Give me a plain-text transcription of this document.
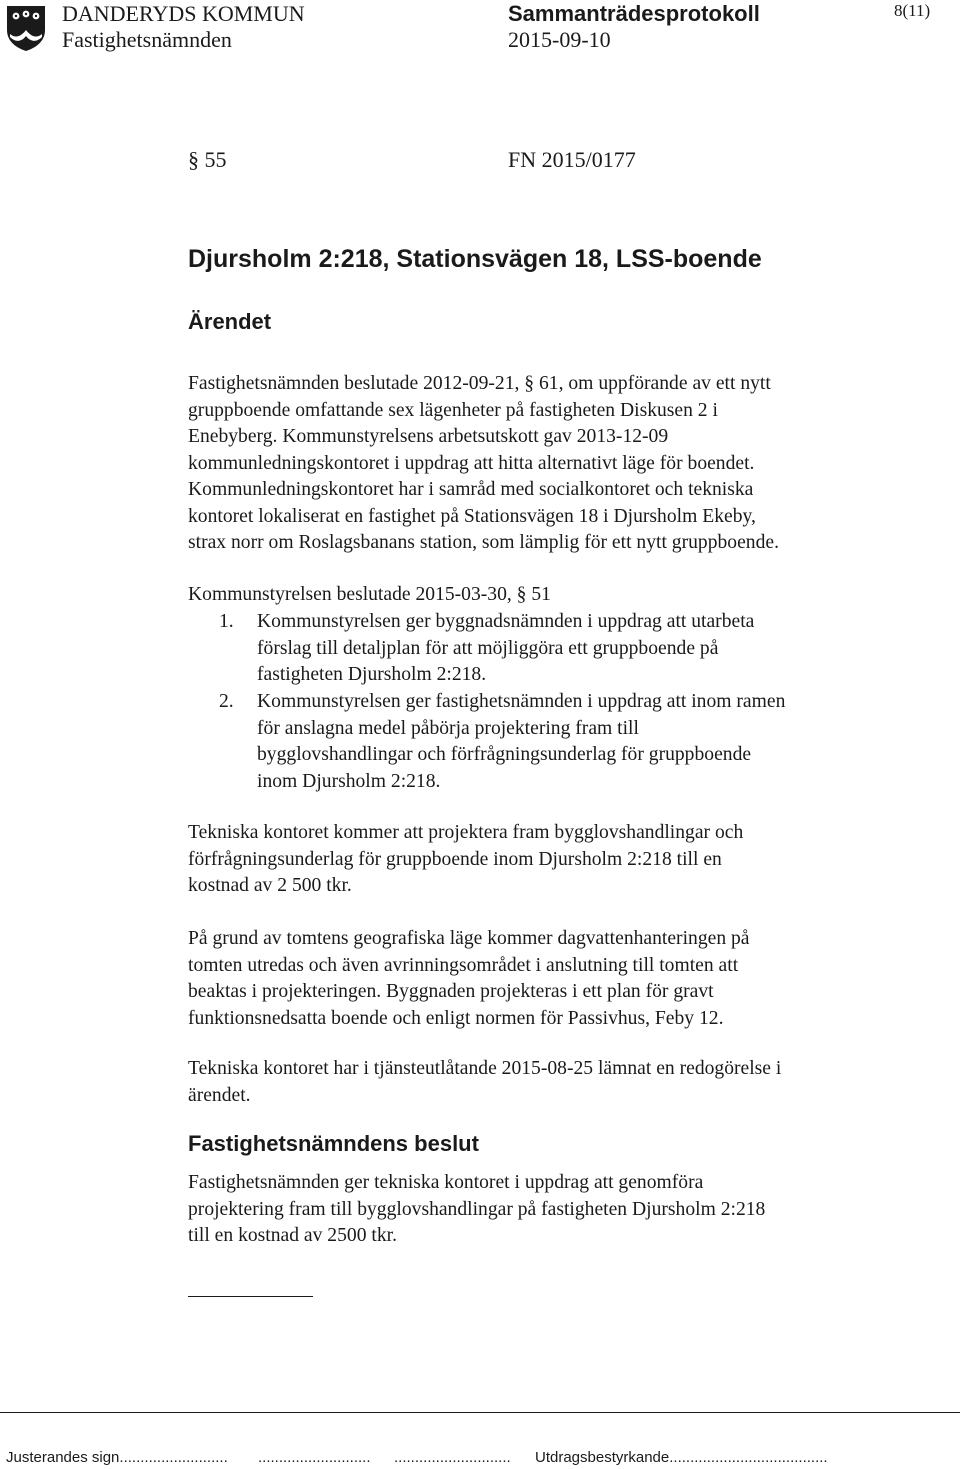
DANDERYDS KOMMUN	Sammanträdesprotokoll	8(11)
Fastighetsnämnden	2015-09-10
§ 55	FN 2015/0177
Djursholm 2:218, Stationsvägen 18, LSS-boende
Ärendet
Fastighetsnämnden beslutade 2012-09-21, § 61, om uppförande av ett nytt
gruppboende omfattande sex lägenheter på fastigheten Diskusen 2 i
Enebyberg. Kommunstyrelsens arbetsutskott gav 2013-12-09
kommunledningskontoret i uppdrag att hitta alternativt läge för boendet.
Kommunledningskontoret har i samråd med socialkontoret och tekniska
kontoret lokaliserat en fastighet på Stationsvägen 18 i Djursholm Ekeby,
strax norr om Roslagsbanans station, som lämplig för ett nytt gruppboende.
Kommunstyrelsen beslutade 2015-03-30, § 51
1. Kommunstyrelsen ger byggnadsnämnden i uppdrag att utarbeta
förslag till detaljplan för att möjliggöra ett gruppboende på
fastigheten Djursholm 2:218.
2. Kommunstyrelsen ger fastighetsnämnden i uppdrag att inom ramen
för anslagna medel påbörja projektering fram till
bygglovshandlingar och förfrågningsunderlag för gruppboende
inom Djursholm 2:218.
Tekniska kontoret kommer att projektera fram bygglovshandlingar och
förfrågningsunderlag för gruppboende inom Djursholm 2:218 till en
kostnad av 2 500 tkr.
På grund av tomtens geografiska läge kommer dagvattenhanteringen på
tomten utredas och även avrinningsområdet i anslutning till tomten att
beaktas i projekteringen. Byggnaden projekteras i ett plan för gravt
funktionsnedsatta boende och enligt normen för Passivhus, Feby 12.
Tekniska kontoret har i tjänsteutlåtande 2015-08-25 lämnat en redogörelse i
ärendet.
Fastighetsnämndens beslut
Fastighetsnämnden ger tekniska kontoret i uppdrag att genomföra
projektering fram till bygglovshandlingar på fastigheten Djursholm 2:218
till en kostnad av 2500 tkr.
Justerandes sign.......................... ........................... ............................ Utdragsbestyrkande......................................
